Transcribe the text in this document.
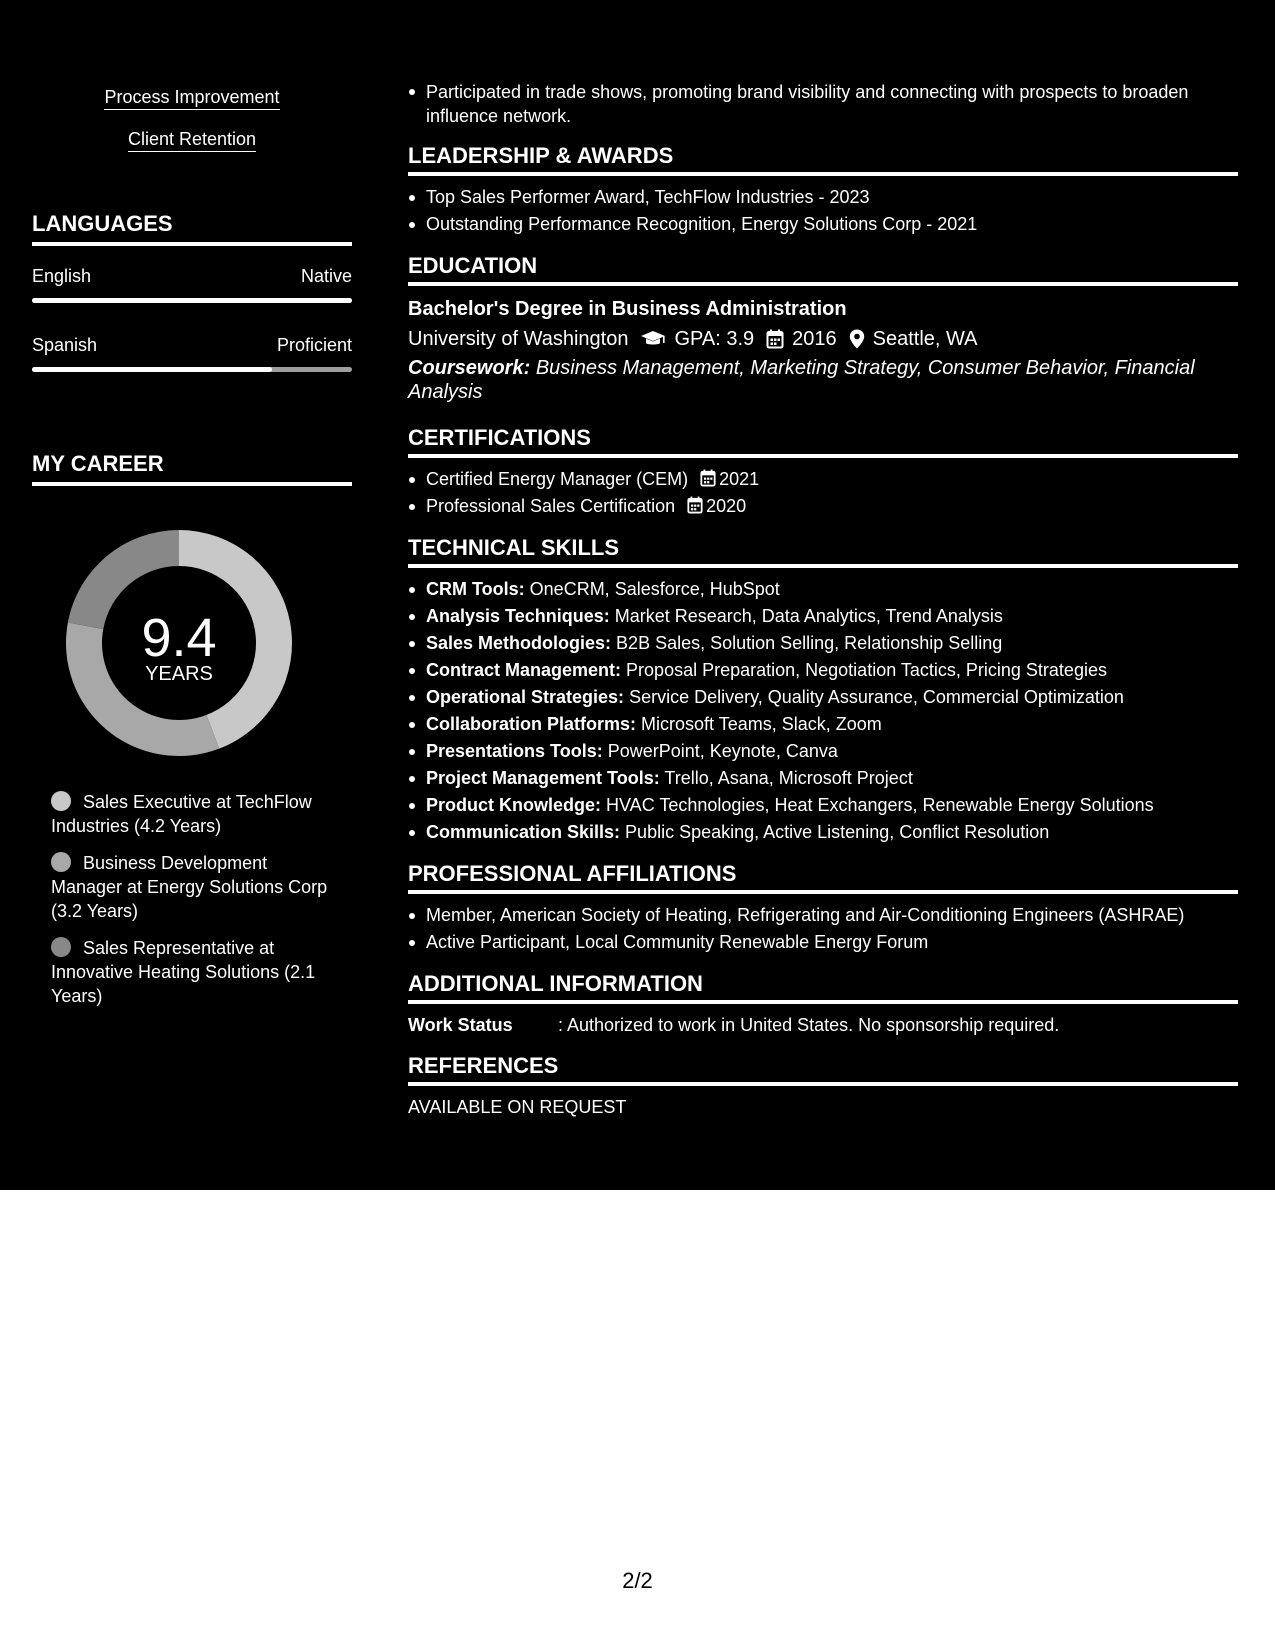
Process Improvement
Client Retention
LANGUAGES
English	Native
Spanish	Proficient
MY CAREER
9.4
YEARS
Sales Executive at TechFlow Industries (4.2 Years)
Business Development Manager at Energy Solutions Corp (3.2 Years)
Sales Representative at Innovative Heating Solutions (2.1 Years)
Participated in trade shows, promoting brand visibility and connecting with prospects to broaden influence network.
LEADERSHIP & AWARDS
Top Sales Performer Award, TechFlow Industries - 2023
Outstanding Performance Recognition, Energy Solutions Corp - 2021
EDUCATION
Bachelor's Degree in Business Administration
University of Washington GPA: 3.9 2016 Seattle, WA
Coursework: Business Management, Marketing Strategy, Consumer Behavior, Financial Analysis
CERTIFICATIONS
Certified Energy Manager (CEM) 2021
Professional Sales Certification 2020
TECHNICAL SKILLS
CRM Tools: OneCRM, Salesforce, HubSpot
Analysis Techniques: Market Research, Data Analytics, Trend Analysis
Sales Methodologies: B2B Sales, Solution Selling, Relationship Selling
Contract Management: Proposal Preparation, Negotiation Tactics, Pricing Strategies
Operational Strategies: Service Delivery, Quality Assurance, Commercial Optimization
Collaboration Platforms: Microsoft Teams, Slack, Zoom
Presentations Tools: PowerPoint, Keynote, Canva
Project Management Tools: Trello, Asana, Microsoft Project
Product Knowledge: HVAC Technologies, Heat Exchangers, Renewable Energy Solutions
Communication Skills: Public Speaking, Active Listening, Conflict Resolution
PROFESSIONAL AFFILIATIONS
Member, American Society of Heating, Refrigerating and Air-Conditioning Engineers (ASHRAE)
Active Participant, Local Community Renewable Energy Forum
ADDITIONAL INFORMATION
Work Status	: Authorized to work in United States. No sponsorship required.
REFERENCES
AVAILABLE ON REQUEST
2/2
